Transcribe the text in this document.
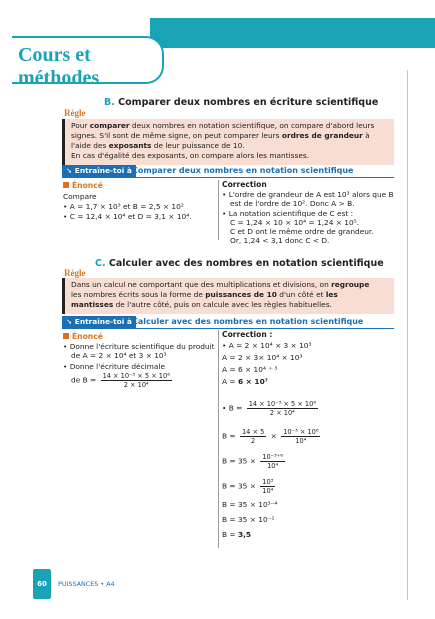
Cours et méthodes
B. Comparer deux nombres en écriture scientifique
Règle
Pour comparer deux nombres en notation scientifique, on compare d'abord leurs
signes. S'il sont de même signe, on peut comparer leurs ordres de grandeur à
l'aide des exposants de leur puissance de 10.
En cas d'égalité des exposants, on compare alors les mantisses.
➘ Entraîne-toi à Comparer deux nombres en notation scientifique
Énoncé
Compare
• A = 1,7 × 10³ et B = 2,5 × 10²
• C = 12,4 × 10⁴ et D = 3,1 × 10⁴.
Correction
• L'ordre de grandeur de A est 10³ alors que B
est de l'ordre de 10². Donc A > B.
• La notation scientifique de C est :
C = 1,24 × 10 × 10⁴ = 1,24 × 10⁵.
C et D ont le même ordre de grandeur.
Or, 1,24 < 3,1 donc C < D.
C. Calculer avec des nombres en notation scientifique
Règle
Dans un calcul ne comportant que des multiplications et divisions, on regroupe
les nombres écrits sous la forme de puissances de 10 d'un côté et les
mantisses de l'autre côté, puis on calcule avec les règles habituelles.
➘ Entraîne-toi à Calculer avec des nombres en notation scientifique
Énoncé
• Donne l'écriture scientifique du produit
de A = 2 × 10⁴ et 3 × 10³
• Donne l'écriture décimale
de $B = \frac{\text{14 × 10⁻³ × 5 × 10⁶}}{\text{2 × 10⁴}}$
Correction :
• A = 2 × 10⁴ × 3 × 10³
A = 2 × 3× 10⁴ × 10³
A = 6 × 10⁴ ⁺ ³
A = 6 × 10⁷
• $B = \frac{\text{14 × 10⁻³ × 5 × 10⁶}}{\text{2 × 10⁴}}$
$B = \frac{14 \times 5}{2} \times \frac{\text{10⁻³ × 10⁶}}{\text{10⁴}}$
$B = 35 \times \frac{\text{10⁻³⁺⁶}}{\text{10⁴}}$
$B = 35 \times \frac{\text{10³}}{\text{10⁴}}$
B = 35 × 10³⁻⁴
B = 35 × 10⁻¹
B = 3,5
60	PUISSANCES • A4
